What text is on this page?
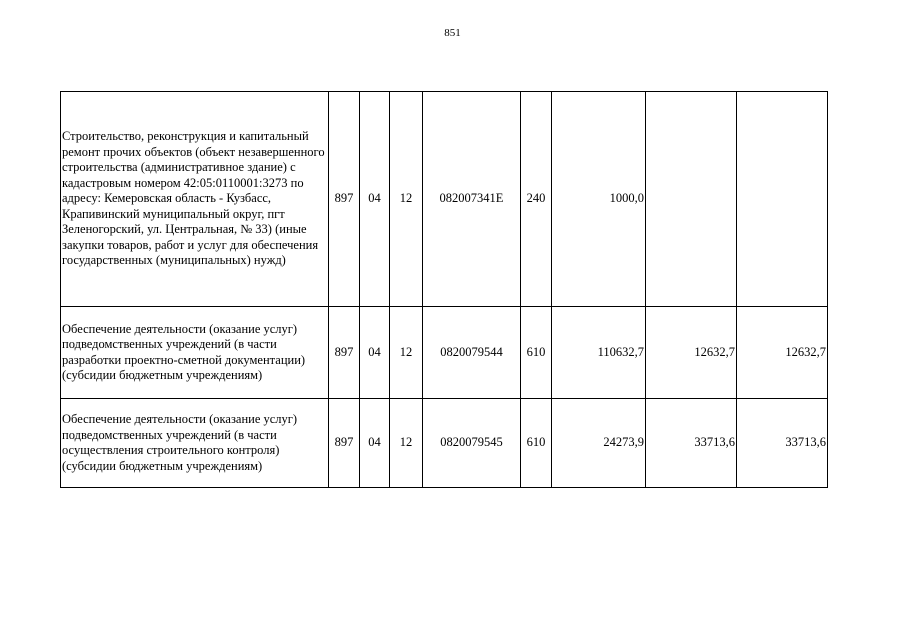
851
Строительство, реконструкция и капитальный ремонт прочих объектов (объект незавершенного строительства (административное здание) с кадастровым номером 42:05:0110001:3273 по адресу: Кемеровская область - Кузбасс, Крапивинский муниципальный округ, пгт Зеленогорский, ул. Центральная, № 33) (иные закупки товаров, работ и услуг для обеспечения государственных (муниципальных) нужд)	897	04	12	082007341Е	240	1000,0		
Обеспечение деятельности (оказание услуг) подведомственных учреждений (в части разработки проектно-сметной документации) (субсидии бюджетным учреждениям)	897	04	12	0820079544	610	110632,7	12632,7	12632,7
Обеспечение деятельности (оказание услуг) подведомственных учреждений (в части осуществления строительного контроля) (субсидии бюджетным учреждениям)	897	04	12	0820079545	610	24273,9	33713,6	33713,6
